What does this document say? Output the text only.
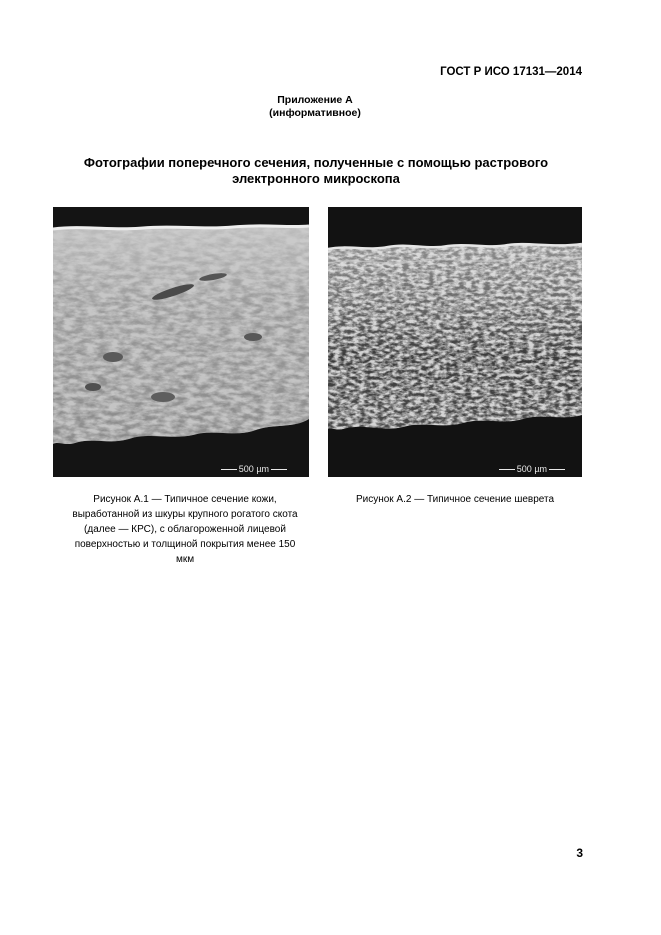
ГОСТ Р ИСО 17131—2014
Приложение А
(информативное)
Фотографии поперечного сечения, полученные с помощью растрового
электронного микроскопа
500 µm	500 µm
Рисунок А.1 — Типичное сечение кожи,
выработанной из шкуры крупного рогатого скота
(далее — КРС), с облагороженной лицевой
поверхностью и толщиной покрытия менее 150
мкм
Рисунок А.2 — Типичное сечение шеврета
3
